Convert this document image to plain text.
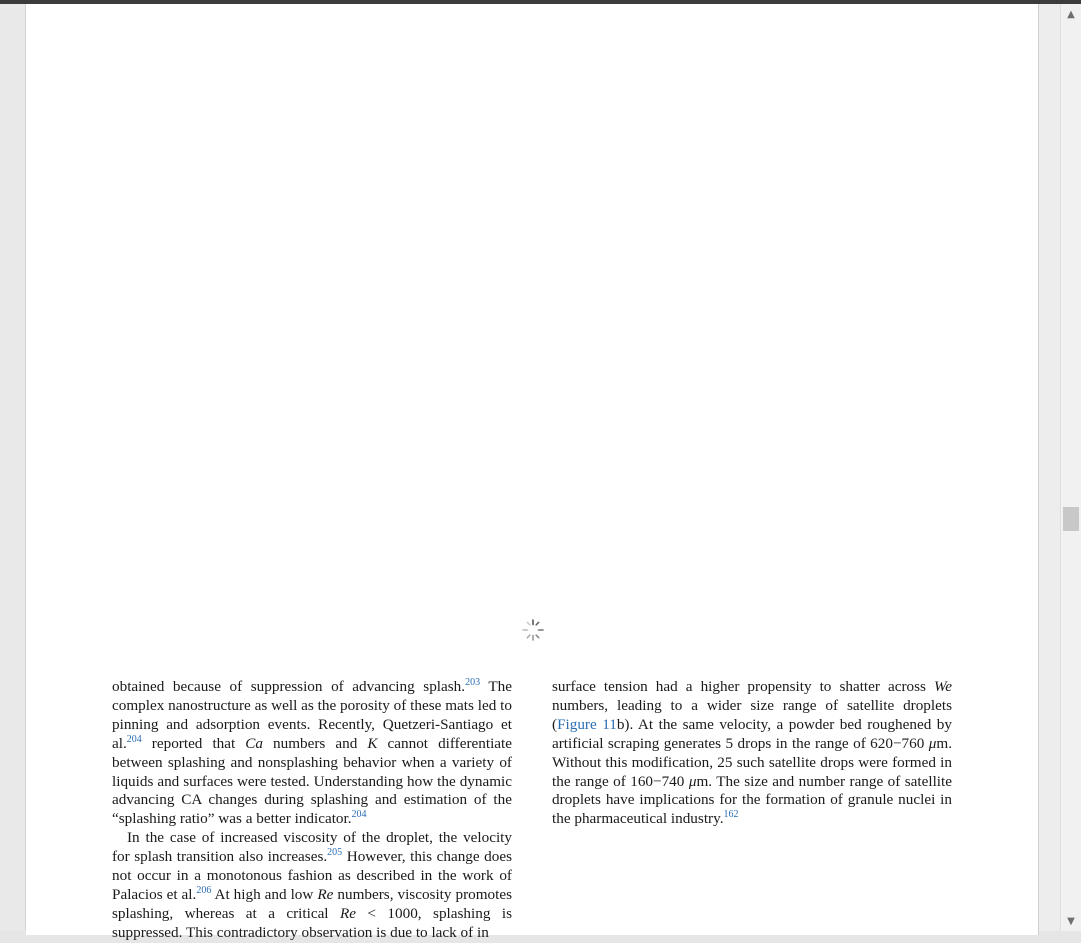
obtained because of suppression of advancing splash.$^{203}$ The complex nanostructure as well as the porosity of these mats led to pinning and adsorption events. Recently, Quetzeri-Santiago et al.$^{204}$ reported that Ca numbers and K cannot differentiate between splashing and nonsplashing behavior when a variety of liquids and surfaces were tested. Understanding how the dynamic advancing CA changes during splashing and estimation of the “splashing ratio” was a better indicator.$^{204}$

In the case of increased viscosity of the droplet, the velocity for splash transition also increases.$^{205}$ However, this change does not occur in a monotonous fashion as described in the work of Palacios et al.$^{206}$ At high and low Re numbers, viscosity promotes splashing, whereas at a critical Re < 1000, splashing is suppressed. This contradictory observation is due to lack of in

surface tension had a higher propensity to shatter across We numbers, leading to a wider size range of satellite droplets (Figure 11b). At the same velocity, a powder bed roughened by artificial scraping generates 5 drops in the range of 620−760 μm. Without this modification, 25 such satellite drops were formed in the range of 160−740 μm. The size and number range of satellite droplets have implications for the formation of granule nuclei in the pharmaceutical industry.$^{162}$

▲
▼
